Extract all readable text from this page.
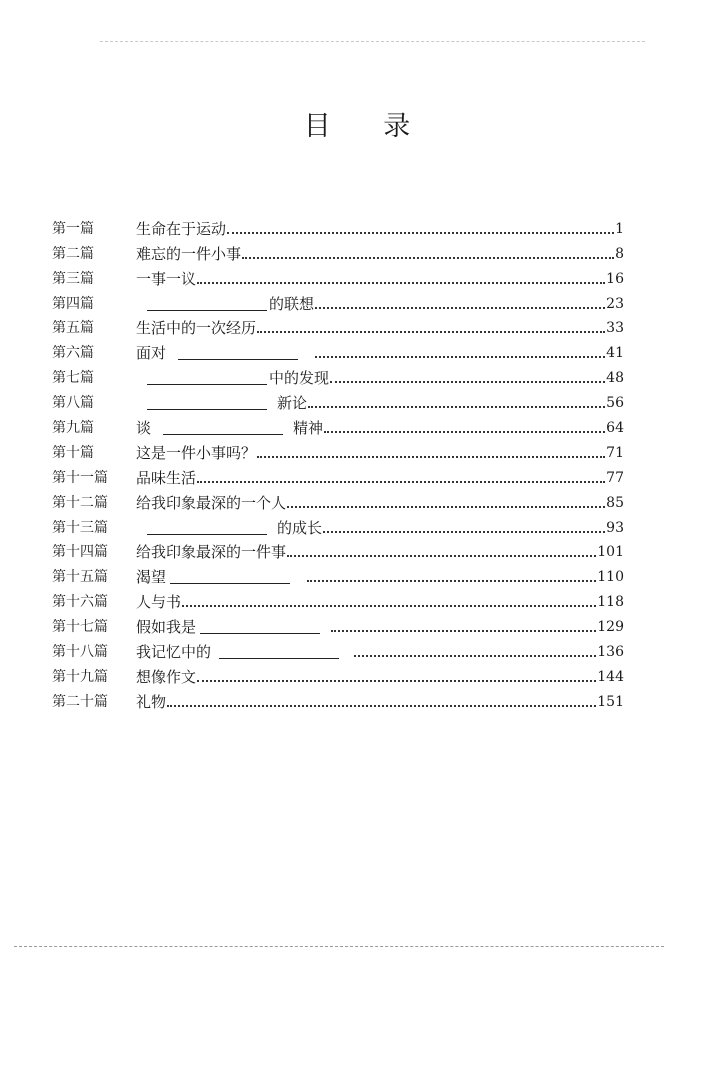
目 录
第一篇	生命在于运动	1
第二篇	难忘的一件小事	8
第三篇	一事一议	16
第四篇	的联想	23
第五篇	生活中的一次经历	33
第六篇	面对	41
第七篇	中的发现	48
第八篇	新论	56
第九篇	谈	精神	64
第十篇	这是一件小事吗？	71
第十一篇	品味生活	77
第十二篇	给我印象最深的一个人	85
第十三篇	的成长	93
第十四篇	给我印象最深的一件事	101
第十五篇	渴望	110
第十六篇	人与书	118
第十七篇	假如我是	129
第十八篇	我记忆中的	136
第十九篇	想像作文	144
第二十篇	礼物	151
